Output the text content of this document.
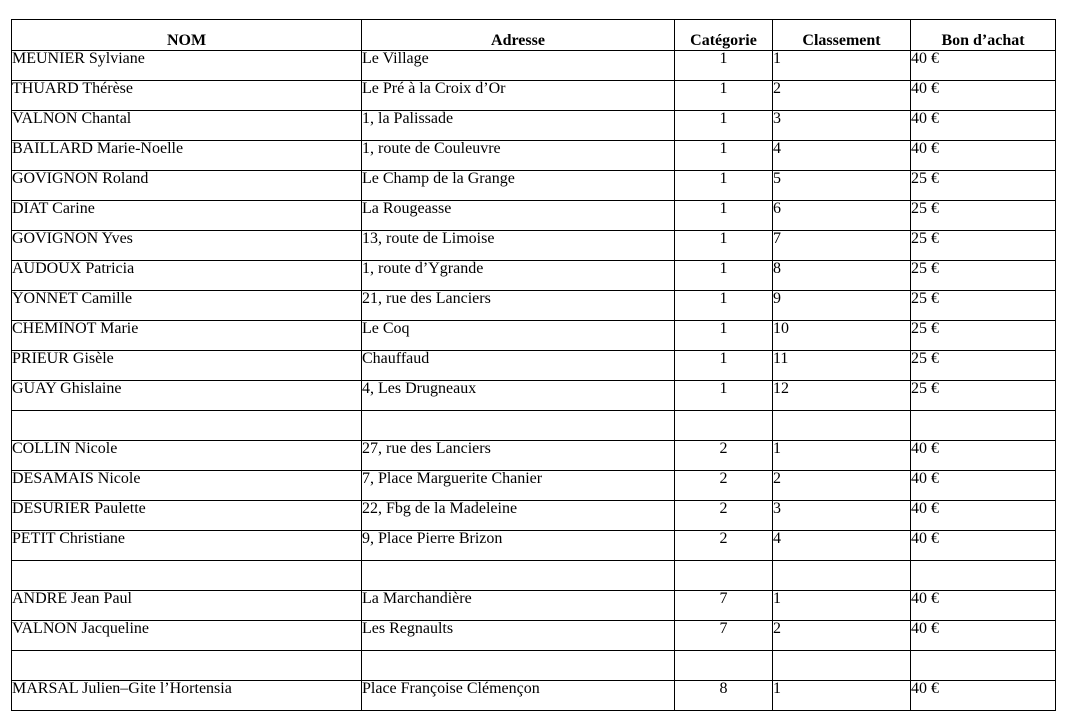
NOM	Adresse	Catégorie	Classement	Bon d’achat
MEUNIER Sylviane	Le Village	1	1	40 €
THUARD Thérèse	Le Pré à la Croix d’Or	1	2	40 €
VALNON Chantal	1, la Palissade	1	3	40 €
BAILLARD Marie-Noelle	1, route de Couleuvre	1	4	40 €
GOVIGNON Roland	Le Champ de la Grange	1	5	25 €
DIAT Carine	La Rougeasse	1	6	25 €
GOVIGNON Yves	13, route de Limoise	1	7	25 €
AUDOUX Patricia	1, route d’Ygrande	1	8	25 €
YONNET Camille	21, rue des Lanciers	1	9	25 €
CHEMINOT Marie	Le Coq	1	10	25 €
PRIEUR Gisèle	Chauffaud	1	11	25 €
GUAY Ghislaine	4, Les Drugneaux	1	12	25 €

COLLIN Nicole	27, rue des Lanciers	2	1	40 €
DESAMAIS Nicole	7, Place Marguerite Chanier	2	2	40 €
DESURIER Paulette	22, Fbg de la Madeleine	2	3	40 €
PETIT Christiane	9, Place Pierre Brizon	2	4	40 €

ANDRE Jean Paul	La Marchandière	7	1	40 €
VALNON Jacqueline	Les Regnaults	7	2	40 €

MARSAL Julien–Gite l’Hortensia	Place Françoise Clémençon	8	1	40 €
